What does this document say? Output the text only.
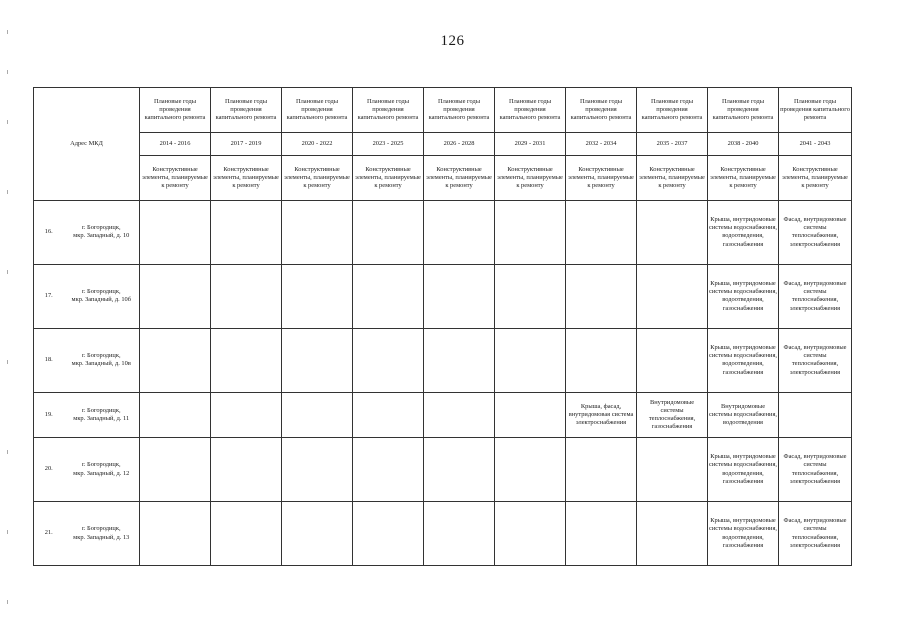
126
Адрес МКД		Плановые годы проведения капитального ремонта	Плановые годы проведения капитального ремонта	Плановые годы проведения капитального ремонта	Плановые годы проведения капитального ремонта	Плановые годы проведения капитального ремонта	Плановые годы проведения капитального ремонта	Плановые годы проведения капитального ремонта	Плановые годы проведения капитального ремонта	Плановые годы проведения капитального ремонта	Плановые годы проведения капитального ремонта
		2014 - 2016	2017 - 2019	2020 - 2022	2023 - 2025	2026 - 2028	2029 - 2031	2032 - 2034	2035 - 2037	2038 - 2040	2041 - 2043
		Конструктивные элементы, планируемые к ремонту	Конструктивные элементы, планируемые к ремонту	Конструктивные элементы, планируемые к ремонту	Конструктивные элементы, планируемые к ремонту	Конструктивные элементы, планируемые к ремонту	Конструктивные элементы, планируемые к ремонту	Конструктивные элементы, планируемые к ремонту	Конструктивные элементы, планируемые к ремонту	Конструктивные элементы, планируемые к ремонту	Конструктивные элементы, планируемые к ремонту
16.	г. Богородицк,
мкр. Западный, д. 10									Крыша, внутридомовые системы водоснабжения, водоотведения, газоснабжения	Фасад, внутридомовые системы теплоснабжения, электроснабжения
17.	г. Богородицк,
мкр. Западный, д. 10б									Крыша, внутридомовые системы водоснабжения, водоотведения, газоснабжения	Фасад, внутридомовые системы теплоснабжения, электроснабжения
18.	г. Богородицк,
мкр. Западный, д. 10в									Крыша, внутридомовые системы водоснабжения, водоотведения, газоснабжения	Фасад, внутридомовые системы теплоснабжения, электроснабжения
19.	г. Богородицк,
мкр. Западный, д. 11							Крыша, фасад, внутридомовая система электроснабжения	Внутридомовые системы теплоснабжения, газоснабжения	Внутридомовые системы водоснабжения, водоотведения	
20.	г. Богородицк,
мкр. Западный, д. 12									Крыша, внутридомовые системы водоснабжения, водоотведения, газоснабжения	Фасад, внутридомовые системы теплоснабжения, электроснабжения
21.	г. Богородицк,
мкр. Западный, д. 13									Крыша, внутридомовые системы водоснабжения, водоотведения, газоснабжения	Фасад, внутридомовые системы теплоснабжения, электроснабжения
